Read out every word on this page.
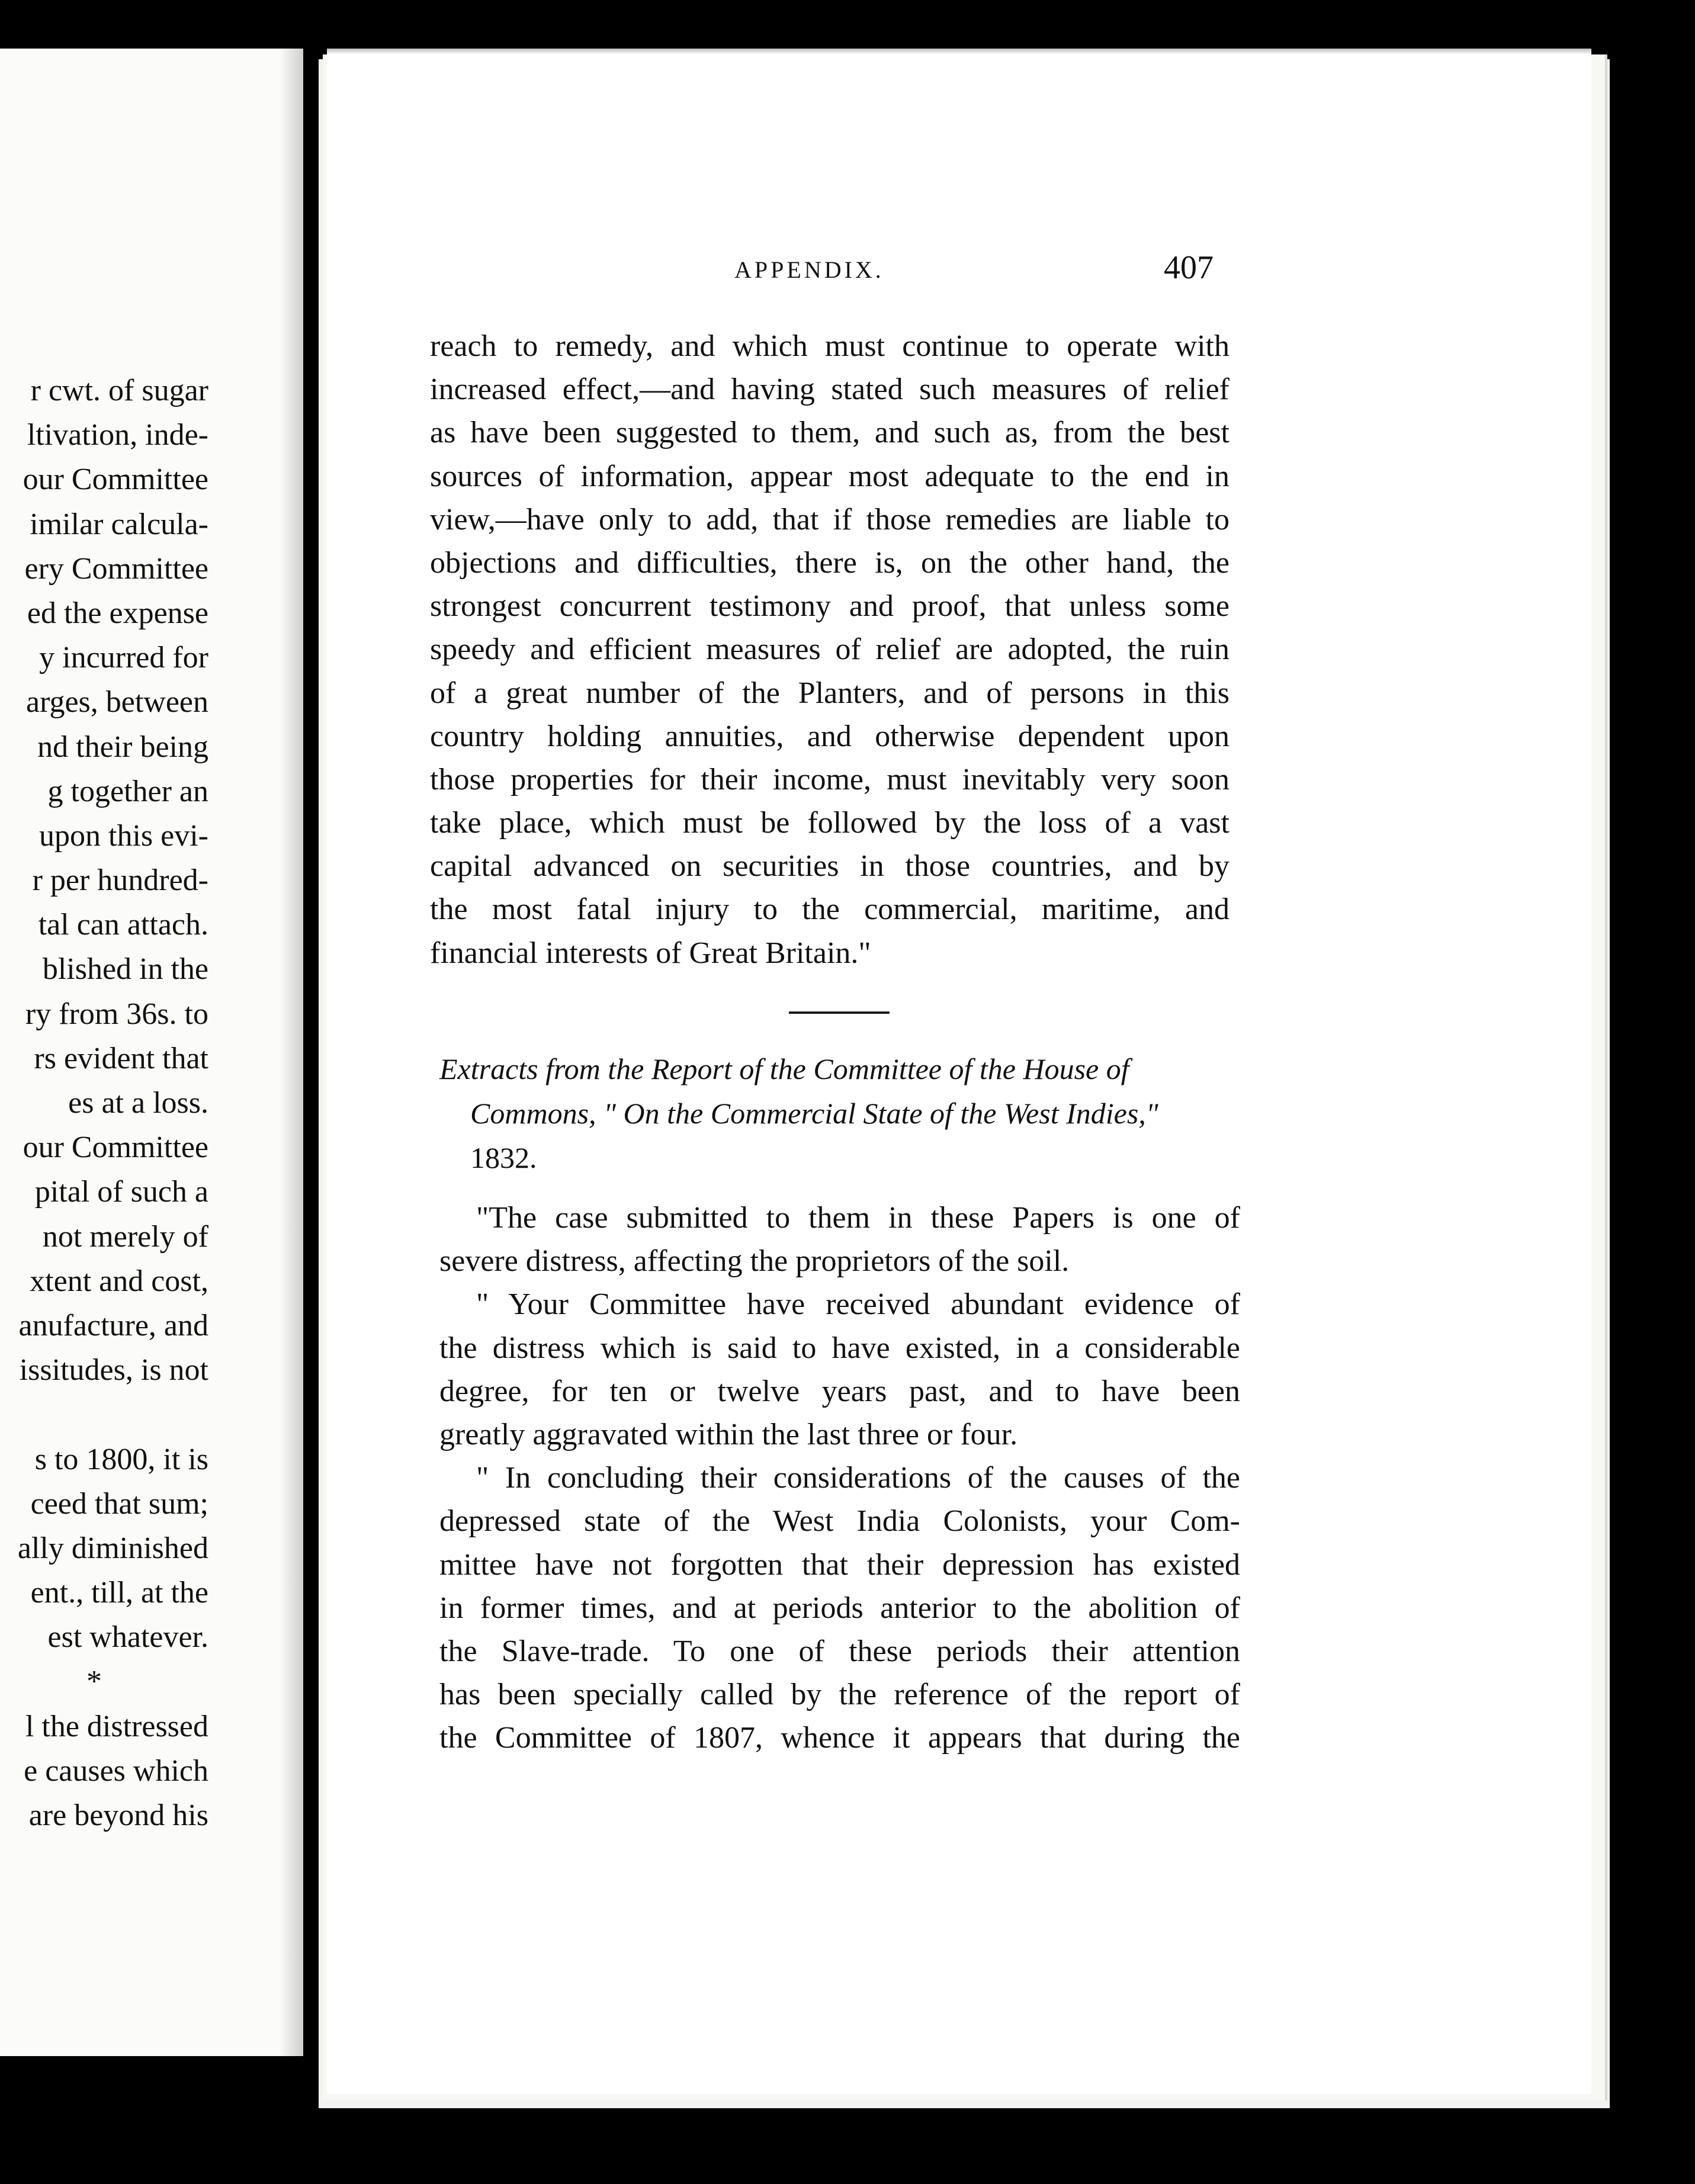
r cwt. of sugar
ltivation, inde-
our Committee
imilar calcula-
ery Committee
ed the expense
y incurred for
arges, between
nd their being
g together an
upon this evi-
r per hundred-
tal can attach.
blished in the
ry from 36s. to
rs evident that
es at a loss.
our Committee
pital of such a
not merely of
xtent and cost,
anufacture, and
issitudes, is not
s to 1800, it is
ceed that sum;
ally diminished
ent., till, at the
est whatever.
*
l the distressed
e causes which
are beyond his
APPENDIX.	407
reach to remedy, and which must continue to operate with
increased effect,—and having stated such measures of relief
as have been suggested to them, and such as, from the best
sources of information, appear most adequate to the end in
view,—have only to add, that if those remedies are liable to
objections and difficulties, there is, on the other hand, the
strongest concurrent testimony and proof, that unless some
speedy and efficient measures of relief are adopted, the ruin
of a great number of the Planters, and of persons in this
country holding annuities, and otherwise dependent upon
those properties for their income, must inevitably very soon
take place, which must be followed by the loss of a vast
capital advanced on securities in those countries, and by
the most fatal injury to the commercial, maritime, and
financial interests of Great Britain."
Extracts from the Report of the Committee of the House of
Commons, " On the Commercial State of the West Indies,"
1832.
"The case submitted to them in these Papers is one of
severe distress, affecting the proprietors of the soil.
" Your Committee have received abundant evidence of
the distress which is said to have existed, in a considerable
degree, for ten or twelve years past, and to have been
greatly aggravated within the last three or four.
" In concluding their considerations of the causes of the
depressed state of the West India Colonists, your Com-
mittee have not forgotten that their depression has existed
in former times, and at periods anterior to the abolition of
the Slave-trade. To one of these periods their attention
has been specially called by the reference of the report of
the Committee of 1807, whence it appears that during the
